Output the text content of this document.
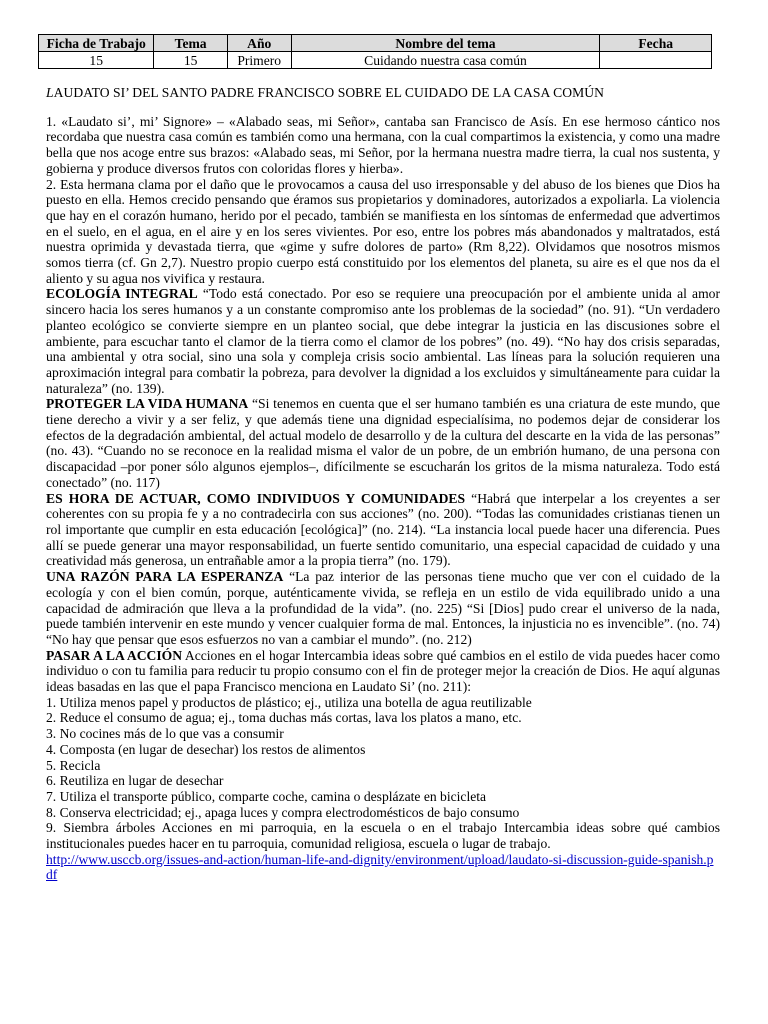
Ficha de Trabajo	Tema	Año	Nombre del tema	Fecha
15	15	Primero	Cuidando nuestra casa común	
LAUDATO SI’ DEL SANTO PADRE FRANCISCO SOBRE EL CUIDADO DE LA CASA COMÚN

1. «Laudato si’, mi’ Signore» – «Alabado seas, mi Señor», cantaba san Francisco de Asís. En ese hermoso cántico nos recordaba que nuestra casa común es también como una hermana, con la cual compartimos la existencia, y como una madre bella que nos acoge entre sus brazos: «Alabado seas, mi Señor, por la hermana nuestra madre tierra, la cual nos sustenta, y gobierna y produce diversos frutos con coloridas flores y hierba».

2. Esta hermana clama por el daño que le provocamos a causa del uso irresponsable y del abuso de los bienes que Dios ha puesto en ella. Hemos crecido pensando que éramos sus propietarios y dominadores, autorizados a expoliarla. La violencia que hay en el corazón humano, herido por el pecado, también se manifiesta en los síntomas de enfermedad que advertimos en el suelo, en el agua, en el aire y en los seres vivientes. Por eso, entre los pobres más abandonados y maltratados, está nuestra oprimida y devastada tierra, que «gime y sufre dolores de parto» (Rm 8,22). Olvidamos que nosotros mismos somos tierra (cf. Gn 2,7). Nuestro propio cuerpo está constituido por los elementos del planeta, su aire es el que nos da el aliento y su agua nos vivifica y restaura.

ECOLOGÍA INTEGRAL “Todo está conectado. Por eso se requiere una preocupación por el ambiente unida al amor sincero hacia los seres humanos y a un constante compromiso ante los problemas de la sociedad” (no. 91). “Un verdadero planteo ecológico se convierte siempre en un planteo social, que debe integrar la justicia en las discusiones sobre el ambiente, para escuchar tanto el clamor de la tierra como el clamor de los pobres” (no. 49). “No hay dos crisis separadas, una ambiental y otra social, sino una sola y compleja crisis socio ambiental. Las líneas para la solución requieren una aproximación integral para combatir la pobreza, para devolver la dignidad a los excluidos y simultáneamente para cuidar la naturaleza” (no. 139).

PROTEGER LA VIDA HUMANA “Si tenemos en cuenta que el ser humano también es una criatura de este mundo, que tiene derecho a vivir y a ser feliz, y que además tiene una dignidad especialísima, no podemos dejar de considerar los efectos de la degradación ambiental, del actual modelo de desarrollo y de la cultura del descarte en la vida de las personas” (no. 43). “Cuando no se reconoce en la realidad misma el valor de un pobre, de un embrión humano, de una persona con discapacidad –por poner sólo algunos ejemplos–, difícilmente se escucharán los gritos de la misma naturaleza. Todo está conectado” (no. 117)

ES HORA DE ACTUAR, COMO INDIVIDUOS Y COMUNIDADES “Habrá que interpelar a los creyentes a ser coherentes con su propia fe y a no contradecirla con sus acciones” (no. 200). “Todas las comunidades cristianas tienen un rol importante que cumplir en esta educación [ecológica]” (no. 214). “La instancia local puede hacer una diferencia. Pues allí se puede generar una mayor responsabilidad, un fuerte sentido comunitario, una especial capacidad de cuidado y una creatividad más generosa, un entrañable amor a la propia tierra” (no. 179).

UNA RAZÓN PARA LA ESPERANZA “La paz interior de las personas tiene mucho que ver con el cuidado de la ecología y con el bien común, porque, auténticamente vivida, se refleja en un estilo de vida equilibrado unido a una capacidad de admiración que lleva a la profundidad de la vida”. (no. 225) “Si [Dios] pudo crear el universo de la nada, puede también intervenir en este mundo y vencer cualquier forma de mal. Entonces, la injusticia no es invencible”. (no. 74) “No hay que pensar que esos esfuerzos no van a cambiar el mundo”. (no. 212)

PASAR A LA ACCIÓN Acciones en el hogar Intercambia ideas sobre qué cambios en el estilo de vida puedes hacer como individuo o con tu familia para reducir tu propio consumo con el fin de proteger mejor la creación de Dios. He aquí algunas ideas basadas en las que el papa Francisco menciona en Laudato Si’ (no. 211):

1. Utiliza menos papel y productos de plástico; ej., utiliza una botella de agua reutilizable
2. Reduce el consumo de agua; ej., toma duchas más cortas, lava los platos a mano, etc.
3. No cocines más de lo que vas a consumir
4. Composta (en lugar de desechar) los restos de alimentos
5. Recicla
6. Reutiliza en lugar de desechar
7. Utiliza el transporte público, comparte coche, camina o desplázate en bicicleta
8. Conserva electricidad; ej., apaga luces y compra electrodomésticos de bajo consumo
9. Siembra árboles Acciones en mi parroquia, en la escuela o en el trabajo Intercambia ideas sobre qué cambios institucionales puedes hacer en tu parroquia, comunidad religiosa, escuela o lugar de trabajo.

http://www.usccb.org/issues-and-action/human-life-and-dignity/environment/upload/laudato-si-discussion-guide-spanish.pdf
